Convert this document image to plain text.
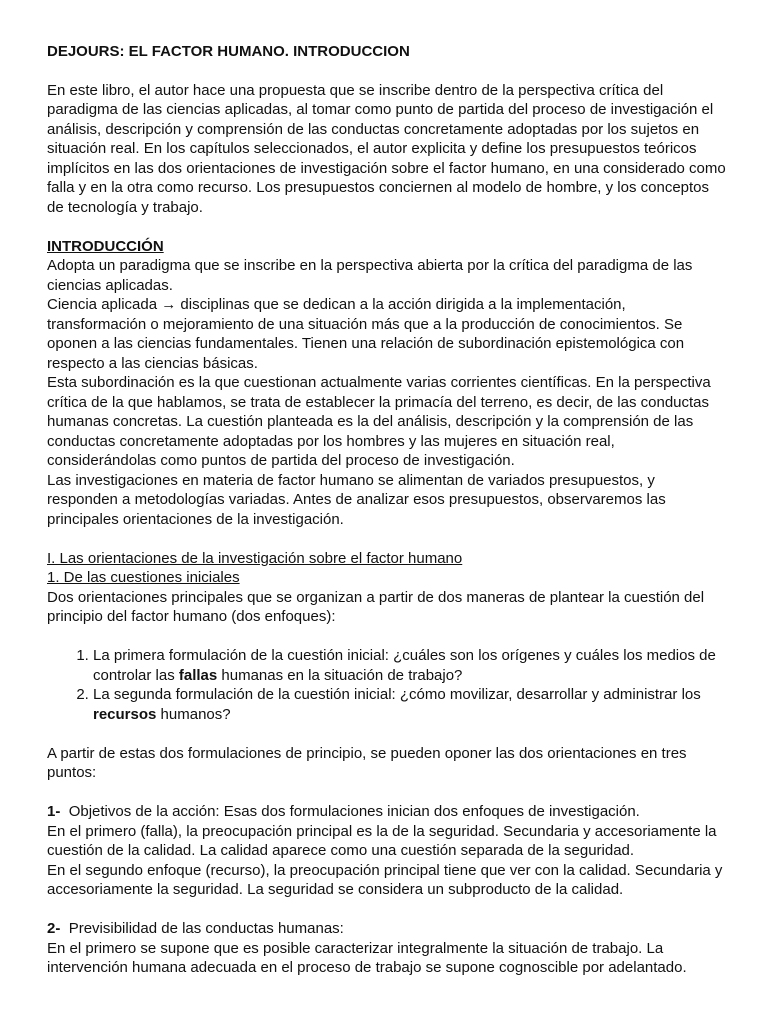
DEJOURS: EL FACTOR HUMANO. INTRODUCCION

En este libro, el autor hace una propuesta que se inscribe dentro de la perspectiva crítica del paradigma de las ciencias aplicadas, al tomar como punto de partida del proceso de investigación el análisis, descripción y comprensión de las conductas concretamente adoptadas por los sujetos en situación real. En los capítulos seleccionados, el autor explicita y define los presupuestos teóricos implícitos en las dos orientaciones de investigación sobre el factor humano, en una considerado como falla y en la otra como recurso. Los presupuestos conciernen al modelo de hombre, y los conceptos de tecnología y trabajo.

INTRODUCCIÓN

Adopta un paradigma que se inscribe en la perspectiva abierta por la crítica del paradigma de las ciencias aplicadas.

Ciencia aplicada → disciplinas que se dedican a la acción dirigida a la implementación, transformación o mejoramiento de una situación más que a la producción de conocimientos. Se oponen a las ciencias fundamentales. Tienen una relación de subordinación epistemológica con respecto a las ciencias básicas.

Esta subordinación es la que cuestionan actualmente varias corrientes científicas. En la perspectiva crítica de la que hablamos, se trata de establecer la primacía del terreno, es decir, de las conductas humanas concretas. La cuestión planteada es la del análisis, descripción y la comprensión de las conductas concretamente adoptadas por los hombres y las mujeres en situación real, considerándolas como puntos de partida del proceso de investigación.

Las investigaciones en materia de factor humano se alimentan de variados presupuestos, y responden a metodologías variadas. Antes de analizar esos presupuestos, observaremos las principales orientaciones de la investigación.

I. Las orientaciones de la investigación sobre el factor humano

1. De las cuestiones iniciales

Dos orientaciones principales que se organizan a partir de dos maneras de plantear la cuestión del principio del factor humano (dos enfoques):

1. La primera formulación de la cuestión inicial: ¿cuáles son los orígenes y cuáles los medios de controlar las fallas humanas en la situación de trabajo?
2. La segunda formulación de la cuestión inicial: ¿cómo movilizar, desarrollar y administrar los recursos humanos?

A partir de estas dos formulaciones de principio, se pueden oponer las dos orientaciones en tres puntos:

1- Objetivos de la acción: Esas dos formulaciones inician dos enfoques de investigación.

En el primero (falla), la preocupación principal es la de la seguridad. Secundaria y accesoriamente la cuestión de la calidad. La calidad aparece como una cuestión separada de la seguridad.

En el segundo enfoque (recurso), la preocupación principal tiene que ver con la calidad. Secundaria y accesoriamente la seguridad. La seguridad se considera un subproducto de la calidad.

2- Previsibilidad de las conductas humanas:

En el primero se supone que es posible caracterizar integralmente la situación de trabajo. La intervención humana adecuada en el proceso de trabajo se supone cognoscible por adelantado.
